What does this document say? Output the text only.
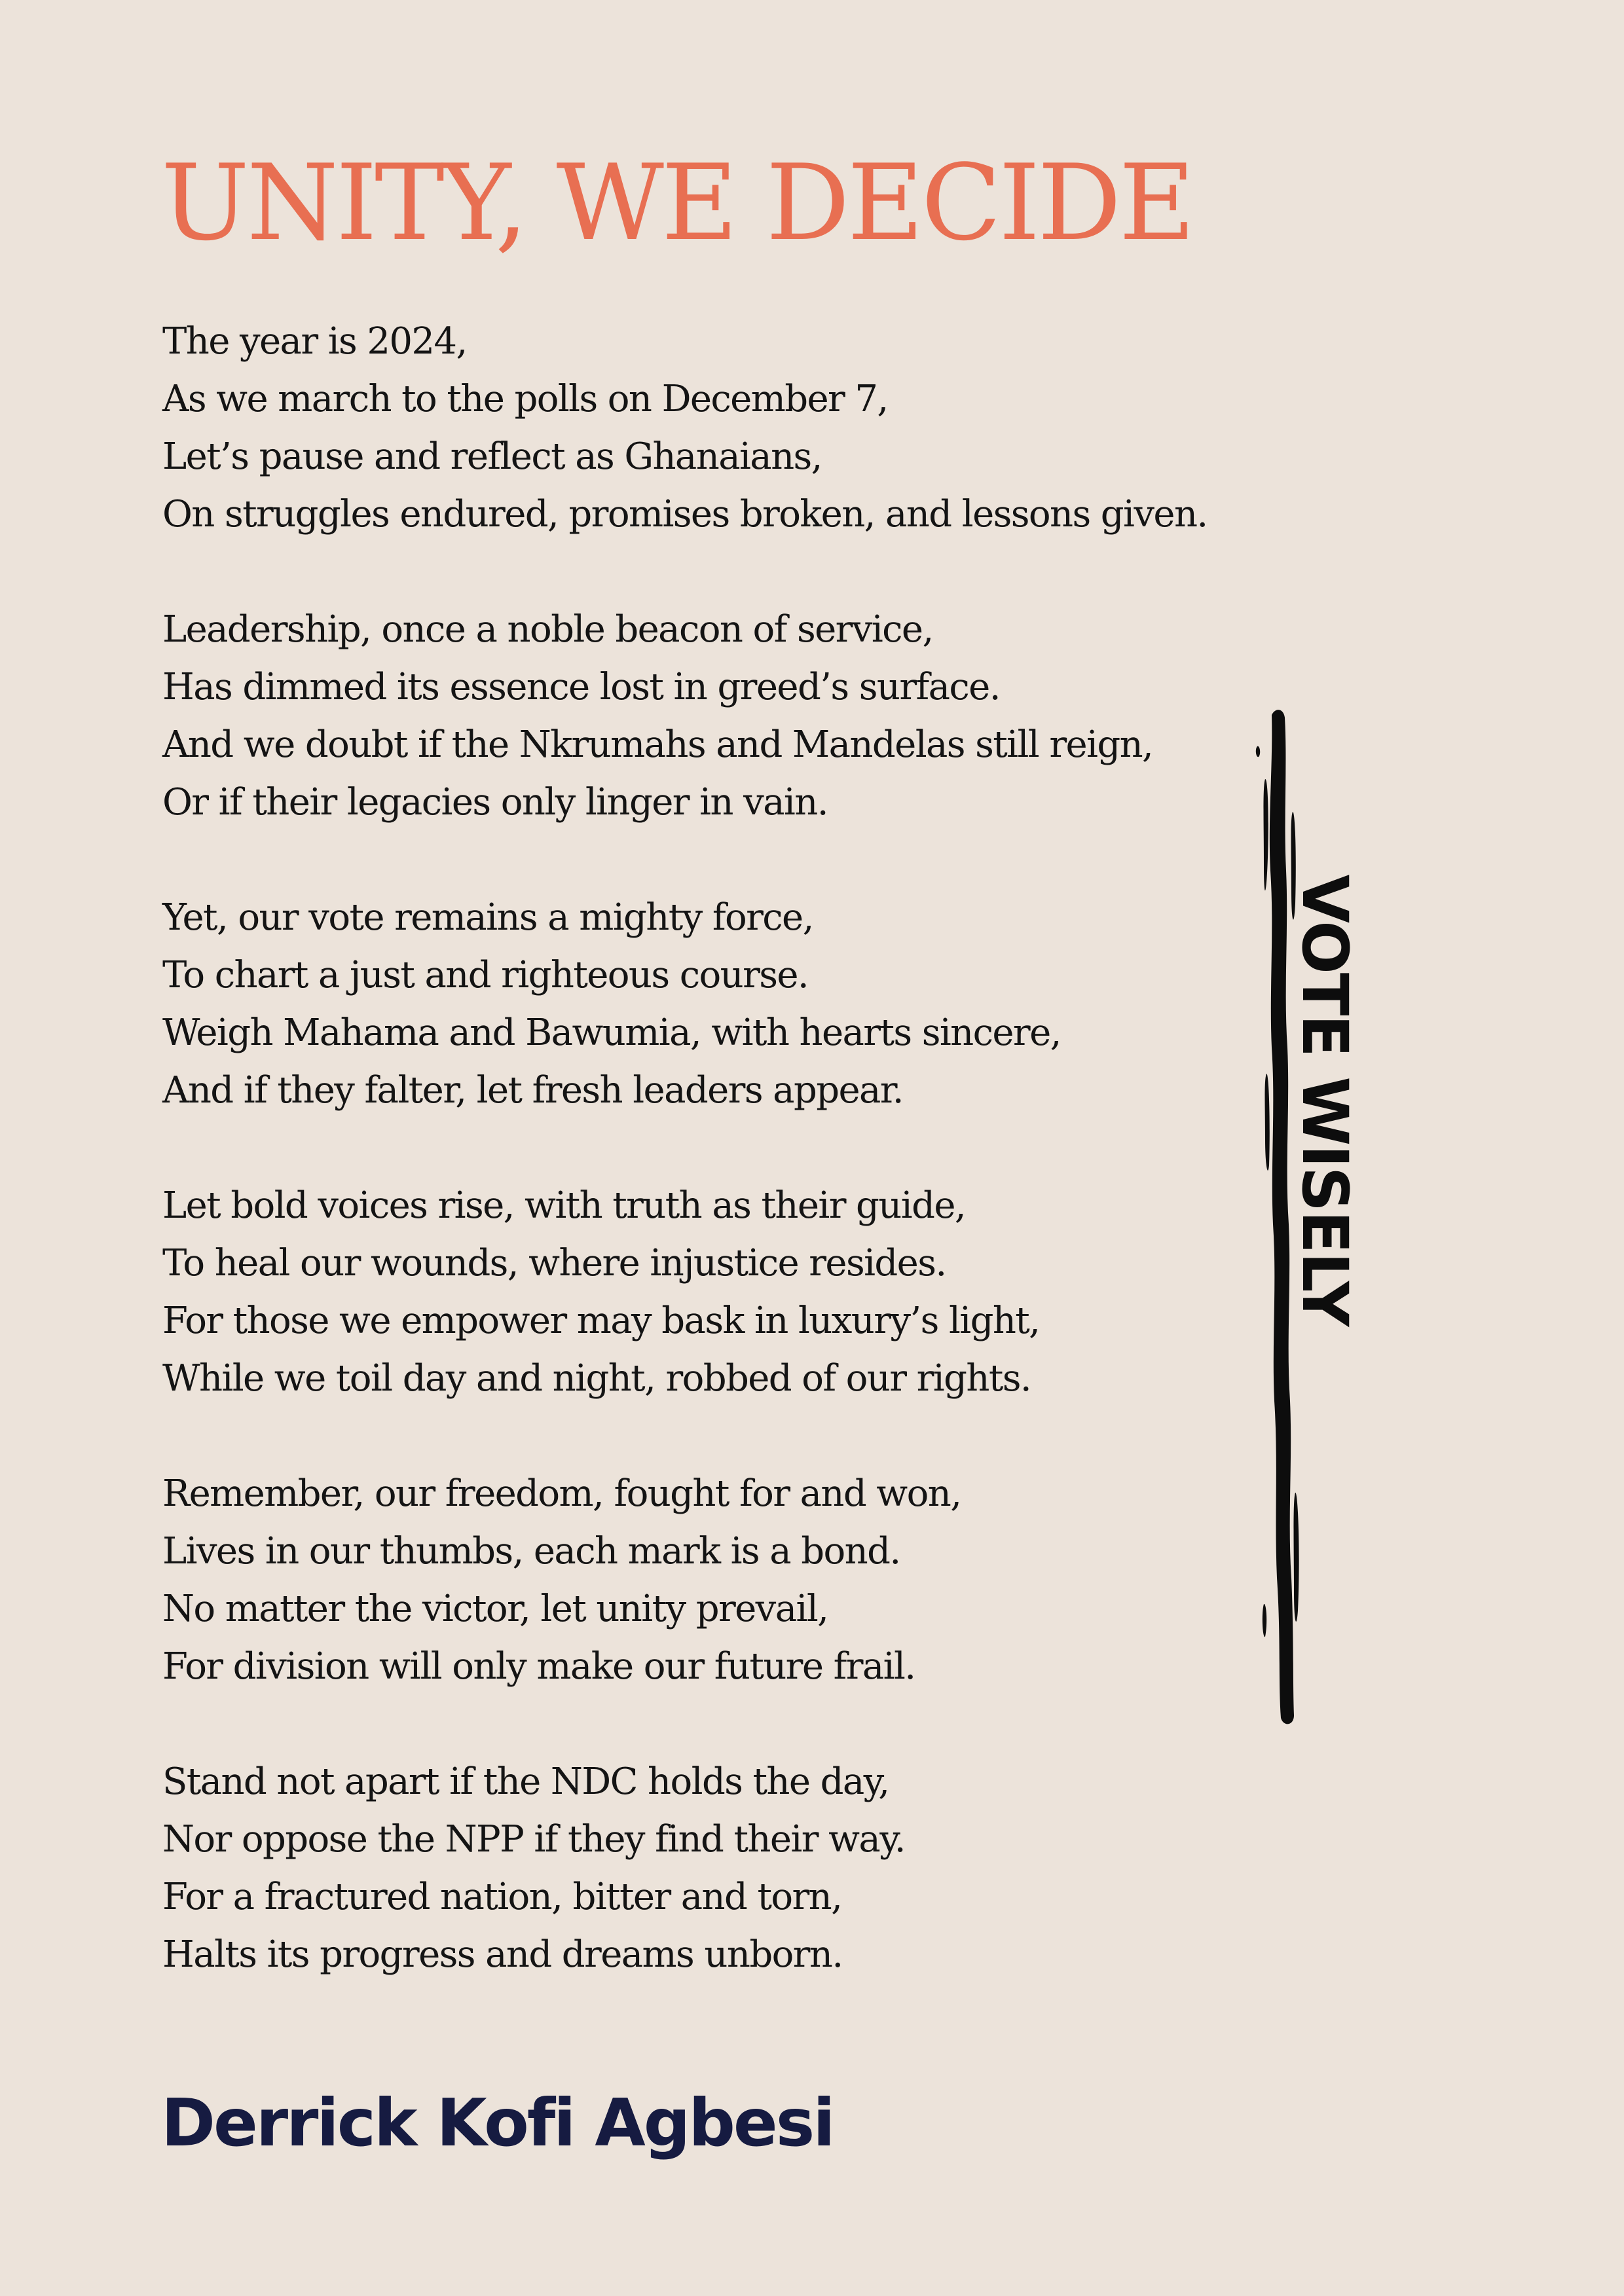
UNITY, WE DECIDE

The year is 2024,
As we march to the polls on December 7,
Let’s pause and reflect as Ghanaians,
On struggles endured, promises broken, and lessons given.

Leadership, once a noble beacon of service,
Has dimmed its essence lost in greed’s surface.
And we doubt if the Nkrumahs and Mandelas still reign,
Or if their legacies only linger in vain.

Yet, our vote remains a mighty force,
To chart a just and righteous course.
Weigh Mahama and Bawumia, with hearts sincere,
And if they falter, let fresh leaders appear.

Let bold voices rise, with truth as their guide,
To heal our wounds, where injustice resides.
For those we empower may bask in luxury’s light,
While we toil day and night, robbed of our rights.

Remember, our freedom, fought for and won,
Lives in our thumbs, each mark is a bond.
No matter the victor, let unity prevail,
For division will only make our future frail.

Stand not apart if the NDC holds the day,
Nor oppose the NPP if they find their way.
For a fractured nation, bitter and torn,
Halts its progress and dreams unborn.

VOTE WISELY
Derrick Kofi Agbesi
